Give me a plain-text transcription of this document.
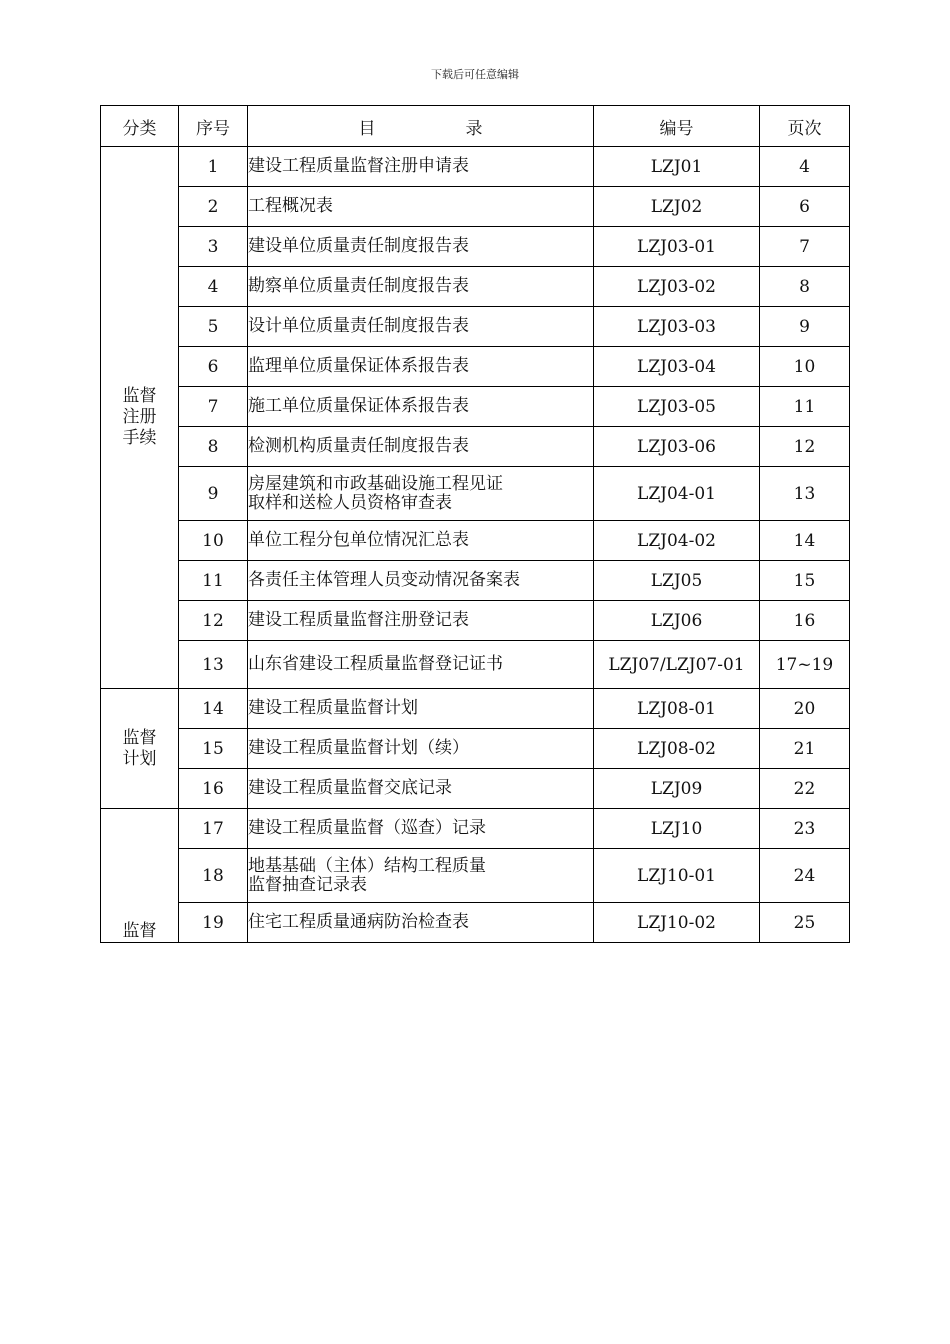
下载后可任意编辑
分类	序号	目 录	编号	页次

监督
注册
手续	1	建设工程质量监督注册申请表	LZJ01	4
	2	工程概况表	LZJ02	6
	3	建设单位质量责任制度报告表	LZJ03-01	7
	4	勘察单位质量责任制度报告表	LZJ03-02	8
	5	设计单位质量责任制度报告表	LZJ03-03	9
	6	监理单位质量保证体系报告表	LZJ03-04	10
	7	施工单位质量保证体系报告表	LZJ03-05	11
	8	检测机构质量责任制度报告表	LZJ03-06	12
	9	房屋建筑和市政基础设施工程见证
取样和送检人员资格审查表	LZJ04-01	13
	10	单位工程分包单位情况汇总表	LZJ04-02	14
	11	各责任主体管理人员变动情况备案表	LZJ05	15
	12	建设工程质量监督注册登记表	LZJ06	16
	13	山东省建设工程质量监督登记证书	LZJ07/LZJ07-01	17~19

监督
计划	14	建设工程质量监督计划	LZJ08-01	20
	15	建设工程质量监督计划（续）	LZJ08-02	21
	16	建设工程质量监督交底记录	LZJ09	22

监督	17	建设工程质量监督（巡查）记录	LZJ10	23
	18	地基基础（主体）结构工程质量
监督抽查记录表	LZJ10-01	24
	19	住宅工程质量通病防治检查表	LZJ10-02	25
